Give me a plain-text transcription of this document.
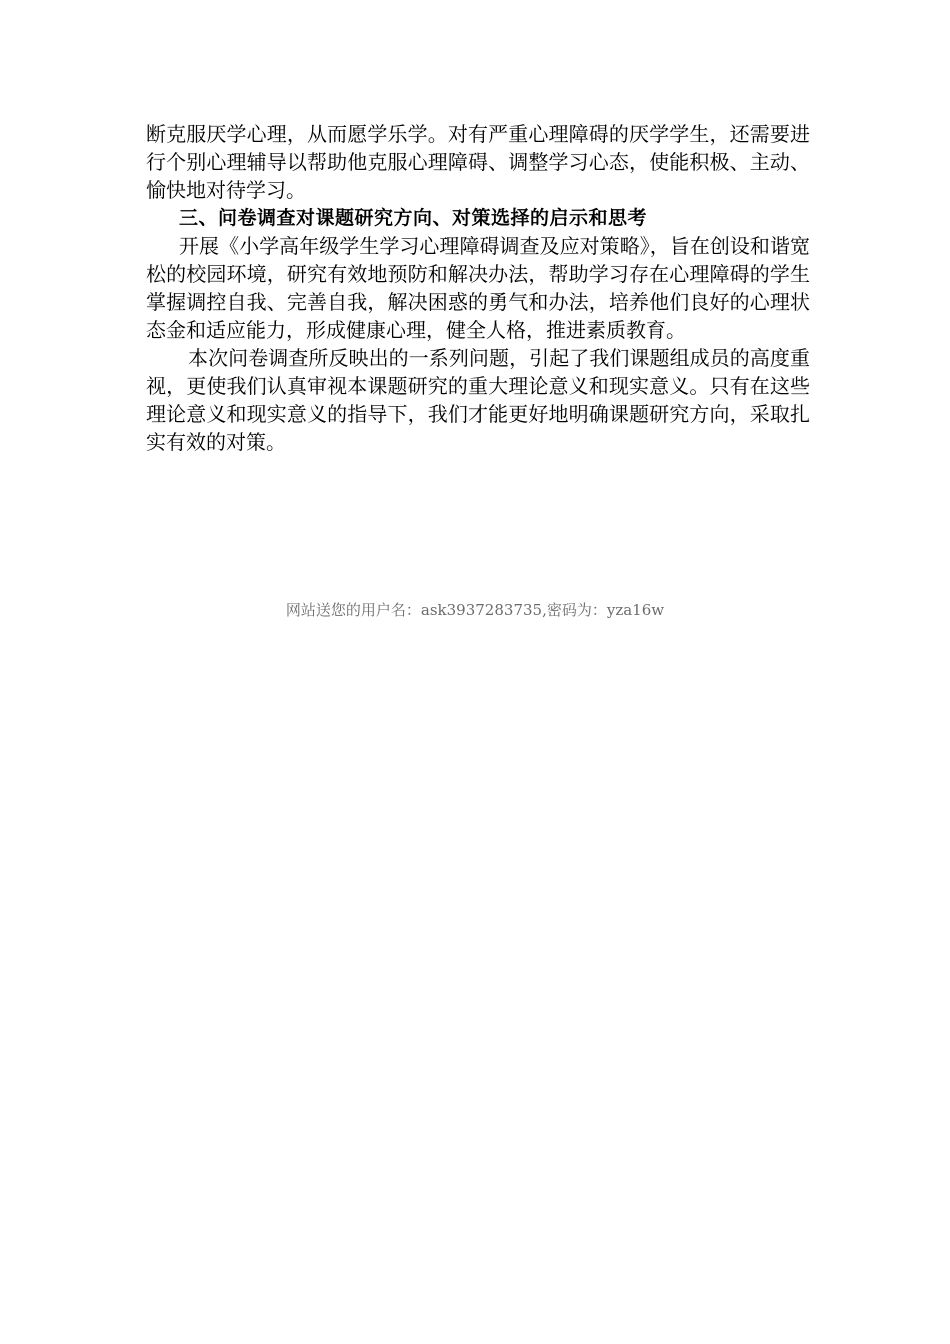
断克服厌学心理，从而愿学乐学。对有严重心理障碍的厌学学生，还需要进行个别心理辅导以帮助他克服心理障碍、调整学习心态，使能积极、主动、愉快地对待学习。

三、问卷调查对课题研究方向、对策选择的启示和思考

开展《小学高年级学生学习心理障碍调查及应对策略》，旨在创设和谐宽松的校园环境，研究有效地预防和解决办法，帮助学习存在心理障碍的学生掌握调控自我、完善自我，解决困惑的勇气和办法，培养他们良好的心理状态金和适应能力，形成健康心理，健全人格，推进素质教育。

本次问卷调查所反映出的一系列问题，引起了我们课题组成员的高度重视，更使我们认真审视本课题研究的重大理论意义和现实意义。只有在这些理论意义和现实意义的指导下，我们才能更好地明确课题研究方向，采取扎实有效的对策。

网站送您的用户名：ask3937283735,密码为：yza16w
